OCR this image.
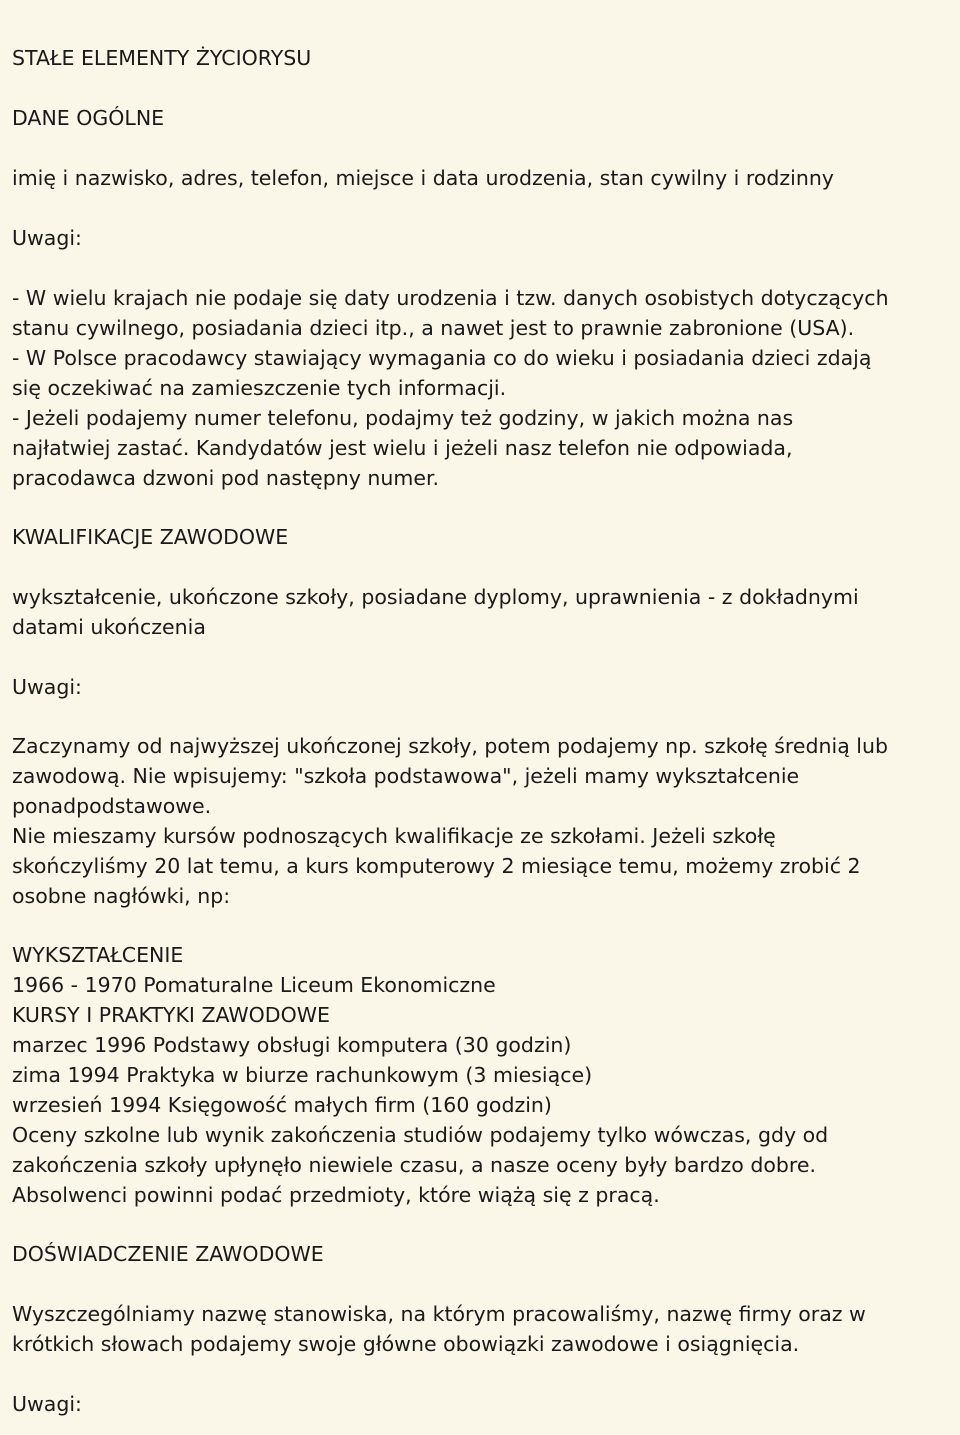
STAŁE ELEMENTY ŻYCIORYSU

DANE OGÓLNE

imię i nazwisko, adres, telefon, miejsce i data urodzenia, stan cywilny i rodzinny

Uwagi:

- W wielu krajach nie podaje się daty urodzenia i tzw. danych osobistych dotyczących

stanu cywilnego, posiadania dzieci itp., a nawet jest to prawnie zabronione (USA).

- W Polsce pracodawcy stawiający wymagania co do wieku i posiadania dzieci zdają

się oczekiwać na zamieszczenie tych informacji.

- Jeżeli podajemy numer telefonu, podajmy też godziny, w jakich można nas

najłatwiej zastać. Kandydatów jest wielu i jeżeli nasz telefon nie odpowiada,

pracodawca dzwoni pod następny numer.

KWALIFIKACJE ZAWODOWE

wykształcenie, ukończone szkoły, posiadane dyplomy, uprawnienia - z dokładnymi

datami ukończenia

Uwagi:

Zaczynamy od najwyższej ukończonej szkoły, potem podajemy np. szkołę średnią lub

zawodową. Nie wpisujemy: "szkoła podstawowa", jeżeli mamy wykształcenie

ponadpodstawowe.

Nie mieszamy kursów podnoszących kwalifikacje ze szkołami. Jeżeli szkołę

skończyliśmy 20 lat temu, a kurs komputerowy 2 miesiące temu, możemy zrobić 2

osobne nagłówki, np:

WYKSZTAŁCENIE

1966 - 1970 Pomaturalne Liceum Ekonomiczne

KURSY I PRAKTYKI ZAWODOWE

marzec 1996 Podstawy obsługi komputera (30 godzin)

zima 1994 Praktyka w biurze rachunkowym (3 miesiące)

wrzesień 1994 Księgowość małych firm (160 godzin)

Oceny szkolne lub wynik zakończenia studiów podajemy tylko wówczas, gdy od

zakończenia szkoły upłynęło niewiele czasu, a nasze oceny były bardzo dobre.

Absolwenci powinni podać przedmioty, które wiążą się z pracą.

DOŚWIADCZENIE ZAWODOWE

Wyszczególniamy nazwę stanowiska, na którym pracowaliśmy, nazwę firmy oraz w

krótkich słowach podajemy swoje główne obowiązki zawodowe i osiągnięcia.

Uwagi:
